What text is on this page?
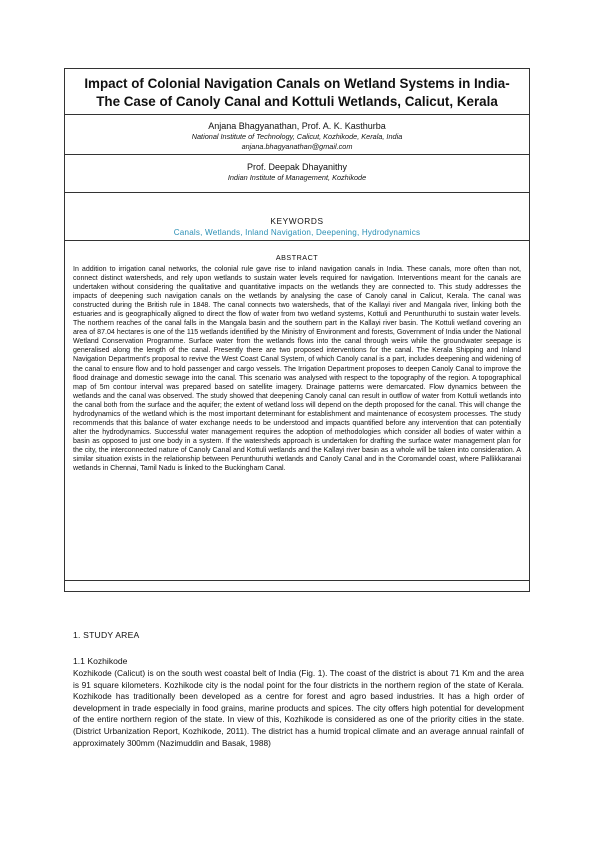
Impact of Colonial Navigation Canals on Wetland Systems in India-
The Case of Canoly Canal and Kottuli Wetlands, Calicut, Kerala
Anjana Bhagyanathan, Prof. A. K. Kasthurba
National Institute of Technology, Calicut, Kozhikode, Kerala, India
anjana.bhagyanathan@gmail.com
Prof. Deepak Dhayanithy
Indian Institute of Management, Kozhikode
KEYWORDS
Canals, Wetlands, Inland Navigation, Deepening, Hydrodynamics
ABSTRACT
In addition to irrigation canal networks, the colonial rule gave rise to inland navigation canals in India. These canals, more often than not, connect distinct watersheds, and rely upon wetlands to sustain water levels required for navigation. Interventions meant for the canals are undertaken without considering the qualitative and quantitative impacts on the wetlands they are connected to. This study addresses the impacts of deepening such navigation canals on the wetlands by analysing the case of Canoly canal in Calicut, Kerala. The canal was constructed during the British rule in 1848. The canal connects two watersheds, that of the Kallayi river and Mangala river, linking both the estuaries and is geographically aligned to direct the flow of water from two wetland systems, Kottuli and Perunthuruthi to sustain water levels. The northern reaches of the canal falls in the Mangala basin and the southern part in the Kallayi river basin. The Kottuli wetland covering an area of 87.04 hectares is one of the 115 wetlands identified by the Ministry of Environment and forests, Government of India under the National Wetland Conservation Programme. Surface water from the wetlands flows into the canal through weirs while the groundwater seepage is generalised along the length of the canal. Presently there are two proposed interventions for the canal. The Kerala Shipping and Inland Navigation Department's proposal to revive the West Coast Canal System, of which Canoly canal is a part, includes deepening and widening of the canal to ensure flow and to hold passenger and cargo vessels. The Irrigation Department proposes to deepen Canoly Canal to improve the flood drainage and domestic sewage into the canal. This scenario was analysed with respect to the topography of the region. A topographical map of 5m contour interval was prepared based on satellite imagery. Drainage patterns were demarcated. Flow dynamics between the wetlands and the canal was observed. The study showed that deepening Canoly canal can result in outflow of water from Kottuli wetlands into the canal both from the surface and the aquifer; the extent of wetland loss will depend on the depth proposed for the canal. This will change the hydrodynamics of the wetland which is the most important determinant for establishment and maintenance of ecosystem processes. The study recommends that this balance of water exchange needs to be understood and impacts quantified before any intervention that can potentially alter the hydrodynamics. Successful water management requires the adoption of methodologies which consider all bodies of water within a basin as opposed to just one body in a system. If the watersheds approach is undertaken for drafting the surface water management plan for the city, the interconnected nature of Canoly Canal and Kottuli wetlands and the Kallayi river basin as a whole will be taken into consideration. A similar situation exists in the relationship between Perunthuruthi wetlands and Canoly Canal and in the Coromandel coast, where Pallikkaranai wetlands in Chennai, Tamil Nadu is linked to the Buckingham Canal.
1. STUDY AREA
1.1 Kozhikode
Kozhikode (Calicut) is on the south west coastal belt of India (Fig. 1). The coast of the district is about 71 Km and the area is 91 square kilometers. Kozhikode city is the nodal point for the four districts in the northern region of the state of Kerala. Kozhikode has traditionally been developed as a centre for forest and agro based industries. It has a high order of development in trade especially in food grains, marine products and spices. The city offers high potential for development of the entire northern region of the state. In view of this, Kozhikode is considered as one of the priority cities in the state. (District Urbanization Report, Kozhikode, 2011). The district has a humid tropical climate and an average annual rainfall of approximately 300mm (Nazimuddin and Basak, 1988)
